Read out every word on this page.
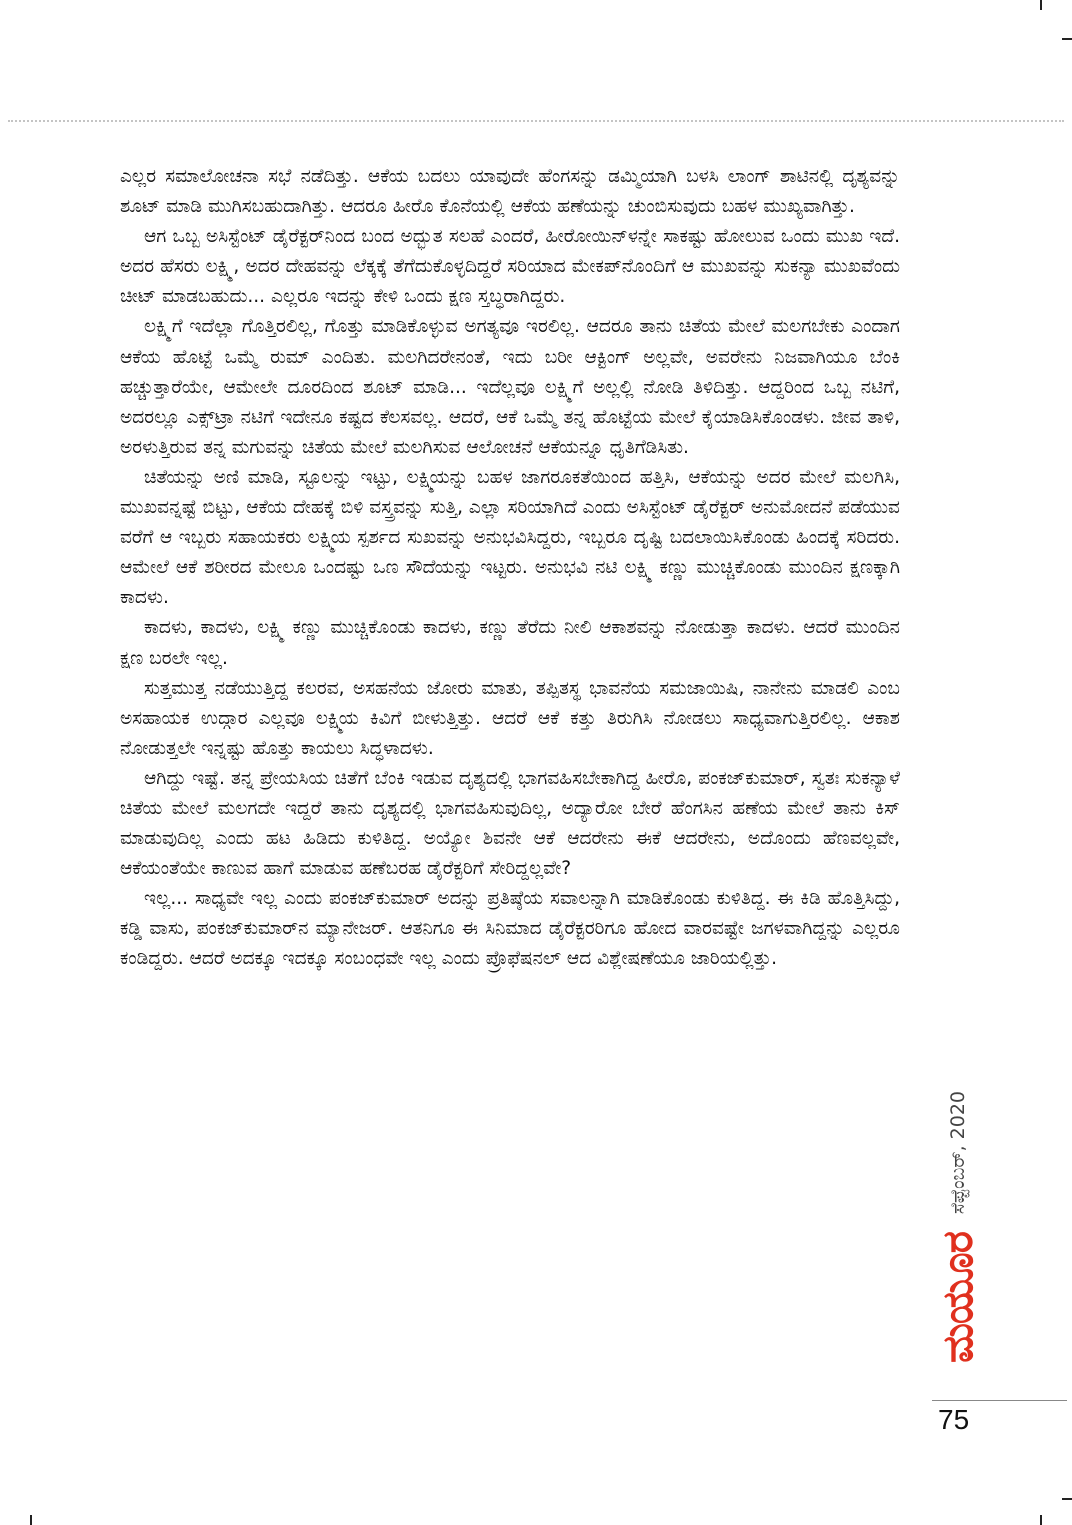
ಎಲ್ಲರ ಸಮಾಲೋಚನಾ ಸಭೆ ನಡೆದಿತ್ತು. ಆಕೆಯ ಬದಲು ಯಾವುದೇ ಹೆಂಗಸನ್ನು ಡಮ್ಮಿಯಾಗಿ ಬಳಸಿ ಲಾಂಗ್ ಶಾಟಿನಲ್ಲಿ ದೃಶ್ಯವನ್ನು ಶೂಟ್ ಮಾಡಿ ಮುಗಿಸಬಹುದಾಗಿತ್ತು. ಆದರೂ ಹೀರೊ ಕೊನೆಯಲ್ಲಿ ಆಕೆಯ ಹಣೆಯನ್ನು ಚುಂಬಿಸುವುದು ಬಹಳ ಮುಖ್ಯವಾಗಿತ್ತು.

ಆಗ ಒಬ್ಬ ಅಸಿಸ್ಟೆಂಟ್ ಡೈರೆಕ್ಟರ್‌ನಿಂದ ಬಂದ ಅದ್ಭುತ ಸಲಹೆ ಎಂದರೆ, ಹೀರೋಯಿನ್‌ಳನ್ನೇ ಸಾಕಷ್ಟು ಹೋಲುವ ಒಂದು ಮುಖ ಇದೆ. ಅದರ ಹೆಸರು ಲಕ್ಷ್ಮಿ, ಅದರ ದೇಹವನ್ನು ಲೆಕ್ಕಕ್ಕೆ ತೆಗೆದುಕೊಳ್ಳದಿದ್ದರೆ ಸರಿಯಾದ ಮೇಕಪ್‌ನೊಂದಿಗೆ ಆ ಮುಖವನ್ನು ಸುಕನ್ಯಾ ಮುಖವೆಂದು ಚೀಟ್ ಮಾಡಬಹುದು... ಎಲ್ಲರೂ ಇದನ್ನು ಕೇಳಿ ಒಂದು ಕ್ಷಣ ಸ್ತಬ್ಧರಾಗಿದ್ದರು.

ಲಕ್ಷ್ಮಿಗೆ ಇದೆಲ್ಲಾ ಗೊತ್ತಿರಲಿಲ್ಲ, ಗೊತ್ತು ಮಾಡಿಕೊಳ್ಳುವ ಅಗತ್ಯವೂ ಇರಲಿಲ್ಲ. ಆದರೂ ತಾನು ಚಿತೆಯ ಮೇಲೆ ಮಲಗಬೇಕು ಎಂದಾಗ ಆಕೆಯ ಹೊಟ್ಟೆ ಒಮ್ಮೆ ರುಮ್ ಎಂದಿತು. ಮಲಗಿದರೇನಂತೆ, ಇದು ಬರೀ ಆಕ್ಟಿಂಗ್ ಅಲ್ಲವೇ, ಅವರೇನು ನಿಜವಾಗಿಯೂ ಬೆಂಕಿ ಹಚ್ಚುತ್ತಾರೆಯೇ, ಆಮೇಲೇ ದೂರದಿಂದ ಶೂಟ್ ಮಾಡಿ... ಇದೆಲ್ಲವೂ ಲಕ್ಷ್ಮಿಗೆ ಅಲ್ಲಲ್ಲಿ ನೋಡಿ ತಿಳಿದಿತ್ತು. ಆದ್ದರಿಂದ ಒಬ್ಬ ನಟಿಗೆ, ಅದರಲ್ಲೂ ಎಕ್ಸ್‌ಟ್ರಾ ನಟಿಗೆ ಇದೇನೂ ಕಷ್ಟದ ಕೆಲಸವಲ್ಲ. ಆದರೆ, ಆಕೆ ಒಮ್ಮೆ ತನ್ನ ಹೊಟ್ಟೆಯ ಮೇಲೆ ಕೈಯಾಡಿಸಿಕೊಂಡಳು. ಜೀವ ತಾಳಿ, ಅರಳುತ್ತಿರುವ ತನ್ನ ಮಗುವನ್ನು ಚಿತೆಯ ಮೇಲೆ ಮಲಗಿಸುವ ಆಲೋಚನೆ ಆಕೆಯನ್ನೂ ಧೃತಿಗೆಡಿಸಿತು.

ಚಿತೆಯನ್ನು ಅಣಿ ಮಾಡಿ, ಸ್ಟೂಲನ್ನು ಇಟ್ಟು, ಲಕ್ಷ್ಮಿಯನ್ನು ಬಹಳ ಜಾಗರೂಕತೆಯಿಂದ ಹತ್ತಿಸಿ, ಆಕೆಯನ್ನು ಅದರ ಮೇಲೆ ಮಲಗಿಸಿ, ಮುಖವನ್ನಷ್ಟೆ ಬಿಟ್ಟು, ಆಕೆಯ ದೇಹಕ್ಕೆ ಬಿಳಿ ವಸ್ತ್ರವನ್ನು ಸುತ್ತಿ, ಎಲ್ಲಾ ಸರಿಯಾಗಿದೆ ಎಂದು ಅಸಿಸ್ಟೆಂಟ್ ಡೈರೆಕ್ಟರ್ ಅನುಮೋದನೆ ಪಡೆಯುವ ವರೆಗೆ ಆ ಇಬ್ಬರು ಸಹಾಯಕರು ಲಕ್ಷ್ಮಿಯ ಸ್ಪರ್ಶದ ಸುಖವನ್ನು ಅನುಭವಿಸಿದ್ದರು, ಇಬ್ಬರೂ ದೃಷ್ಟಿ ಬದಲಾಯಿಸಿಕೊಂಡು ಹಿಂದಕ್ಕೆ ಸರಿದರು. ಆಮೇಲೆ ಆಕೆ ಶರೀರದ ಮೇಲೂ ಒಂದಷ್ಟು ಒಣ ಸೌದೆಯನ್ನು ಇಟ್ಟರು. ಅನುಭವಿ ನಟಿ ಲಕ್ಷ್ಮಿ ಕಣ್ಣು ಮುಚ್ಚಿಕೊಂಡು ಮುಂದಿನ ಕ್ಷಣಕ್ಕಾಗಿ ಕಾದಳು.

ಕಾದಳು, ಕಾದಳು, ಲಕ್ಷ್ಮಿ ಕಣ್ಣು ಮುಚ್ಚಿಕೊಂಡು ಕಾದಳು, ಕಣ್ಣು ತೆರೆದು ನೀಲಿ ಆಕಾಶವನ್ನು ನೋಡುತ್ತಾ ಕಾದಳು. ಆದರೆ ಮುಂದಿನ ಕ್ಷಣ ಬರಲೇ ಇಲ್ಲ.

ಸುತ್ತಮುತ್ತ ನಡೆಯುತ್ತಿದ್ದ ಕಲರವ, ಅಸಹನೆಯ ಜೋರು ಮಾತು, ತಪ್ಪಿತಸ್ಥ ಭಾವನೆಯ ಸಮಜಾಯಿಷಿ, ನಾನೇನು ಮಾಡಲಿ ಎಂಬ ಅಸಹಾಯಕ ಉದ್ಗಾರ ಎಲ್ಲವೂ ಲಕ್ಷ್ಮಿಯ ಕಿವಿಗೆ ಬೀಳುತ್ತಿತ್ತು. ಆದರೆ ಆಕೆ ಕತ್ತು ತಿರುಗಿಸಿ ನೋಡಲು ಸಾಧ್ಯವಾಗುತ್ತಿರಲಿಲ್ಲ. ಆಕಾಶ ನೋಡುತ್ತಲೇ ಇನ್ನಷ್ಟು ಹೊತ್ತು ಕಾಯಲು ಸಿದ್ಧಳಾದಳು.

ಆಗಿದ್ದು ಇಷ್ಟೆ. ತನ್ನ ಪ್ರೇಯಸಿಯ ಚಿತೆಗೆ ಬೆಂಕಿ ಇಡುವ ದೃಶ್ಯದಲ್ಲಿ ಭಾಗವಹಿಸಬೇಕಾಗಿದ್ದ ಹೀರೊ, ಪಂಕಜ್‌ಕುಮಾರ್, ಸ್ವತಃ ಸುಕನ್ಯಾಳೆ ಚಿತೆಯ ಮೇಲೆ ಮಲಗದೇ ಇದ್ದರೆ ತಾನು ದೃಶ್ಯದಲ್ಲಿ ಭಾಗವಹಿಸುವುದಿಲ್ಲ, ಅದ್ಯಾರೋ ಬೇರೆ ಹೆಂಗಸಿನ ಹಣೆಯ ಮೇಲೆ ತಾನು ಕಿಸ್ ಮಾಡುವುದಿಲ್ಲ ಎಂದು ಹಟ ಹಿಡಿದು ಕುಳಿತಿದ್ದ. ಅಯ್ಯೋ ಶಿವನೇ ಆಕೆ ಆದರೇನು ಈಕೆ ಆದರೇನು, ಅದೊಂದು ಹೆಣವಲ್ಲವೇ, ಆಕೆಯಂತೆಯೇ ಕಾಣುವ ಹಾಗೆ ಮಾಡುವ ಹಣೆಬರಹ ಡೈರೆಕ್ಟರಿಗೆ ಸೇರಿದ್ದಲ್ಲವೇ?

ಇಲ್ಲ... ಸಾಧ್ಯವೇ ಇಲ್ಲ ಎಂದು ಪಂಕಜ್‌ಕುಮಾರ್ ಅದನ್ನು ಪ್ರತಿಷ್ಠೆಯ ಸವಾಲನ್ನಾಗಿ ಮಾಡಿಕೊಂಡು ಕುಳಿತಿದ್ದ. ಈ ಕಿಡಿ ಹೊತ್ತಿಸಿದ್ದು, ಕಡ್ಡಿ ವಾಸು, ಪಂಕಜ್‌ಕುಮಾರ್‌ನ ಮ್ಯಾನೇಜರ್. ಆತನಿಗೂ ಈ ಸಿನಿಮಾದ ಡೈರೆಕ್ಟರರಿಗೂ ಹೋದ ವಾರವಷ್ಟೇ ಜಗಳವಾಗಿದ್ದನ್ನು ಎಲ್ಲರೂ ಕಂಡಿದ್ದರು. ಆದರೆ ಅದಕ್ಕೂ ಇದಕ್ಕೂ ಸಂಬಂಧವೇ ಇಲ್ಲ ಎಂದು ಪ್ರೊಫೆಷನಲ್ ಆದ ವಿಶ್ಲೇಷಣೆಯೂ ಜಾರಿಯಲ್ಲಿತ್ತು.

ಮಯೂರ
ಸೆಪ್ಟೆಂಬರ್, 2020
75
